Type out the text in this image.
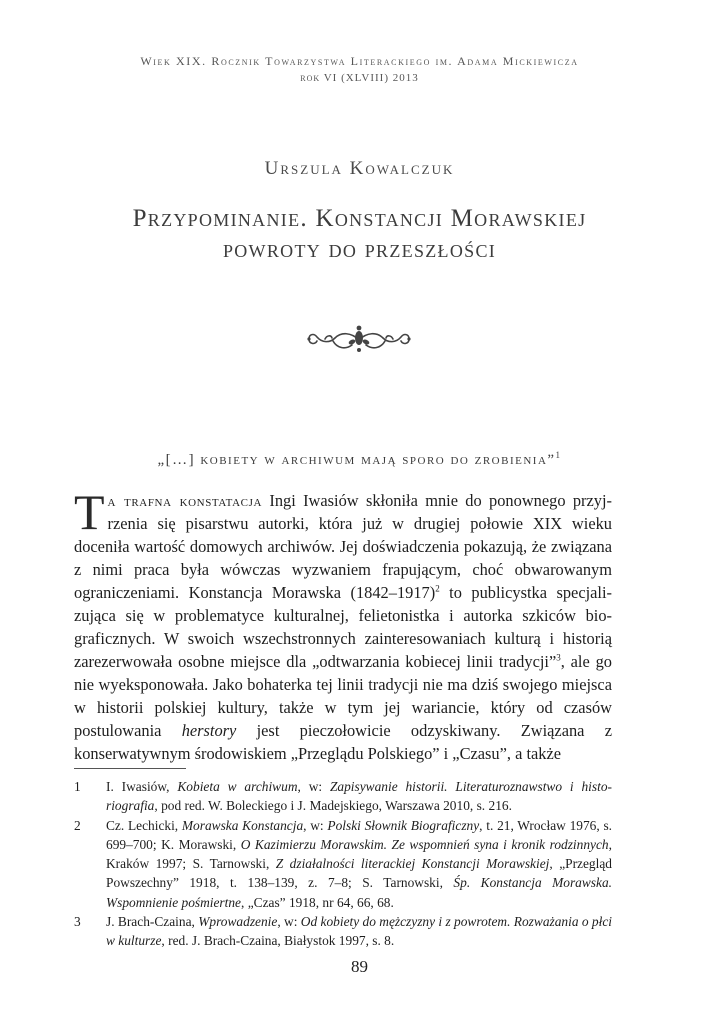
Wiek XIX. Rocznik Towarzystwa Literackiego im. Adama Mickiewicza
rok VI (XLVIII) 2013
Urszula Kowalczuk
Przypominanie. Konstancji Morawskiej
powroty do przeszłości
„[…] kobiety w archiwum mają sporo do zrobienia”$^1$
Ta trafna konstatacja Ingi Iwasiów skłoniła mnie do ponownego przyjrzenia się pisarstwu autorki, która już w drugiej połowie XIX wieku doceniła wartość domowych archiwów. Jej doświadczenia pokazują, że związana z nimi praca była wówczas wyzwaniem frapującym, choć obwarowanym ograniczeniami. Konstancja Morawska (1842–1917)$^2$ to publicystka specjalizująca się w problematyce kulturalnej, felietonistka i autorka szkiców biograficznych. W swoich wszechstronnych zainteresowaniach kulturą i historią zarezerwowała osobne miejsce dla „odtwarzania kobiecej linii tradycji”$^3$, ale go nie wyeksponowała. Jako bohaterka tej linii tradycji nie ma dziś swojego miejsca w historii polskiej kultury, także w tym jej wariancie, który od czasów postulowania herstory jest pieczołowicie odzyskiwany. Związana z konserwatywnym środowiskiem „Przeglądu Polskiego” i „Czasu”, a także
1 I. Iwasiów, Kobieta w archiwum, w: Zapisywanie historii. Literaturoznawstwo i historiografia, pod red. W. Boleckiego i J. Madejskiego, Warszawa 2010, s. 216.
2 Cz. Lechicki, Morawska Konstancja, w: Polski Słownik Biograficzny, t. 21, Wrocław 1976, s. 699–700; K. Morawski, O Kazimierzu Morawskim. Ze wspomnień syna i kronik rodzinnych, Kraków 1997; S. Tarnowski, Z działalności literackiej Konstancji Morawskiej, „Przegląd Powszechny” 1918, t. 138–139, z. 7–8; S. Tarnowski, Śp. Konstancja Morawska. Wspomnienie pośmiertne, „Czas” 1918, nr 64, 66, 68.
3 J. Brach-Czaina, Wprowadzenie, w: Od kobiety do mężczyzny i z powrotem. Rozważania o płci w kulturze, red. J. Brach-Czaina, Białystok 1997, s. 8.
89
